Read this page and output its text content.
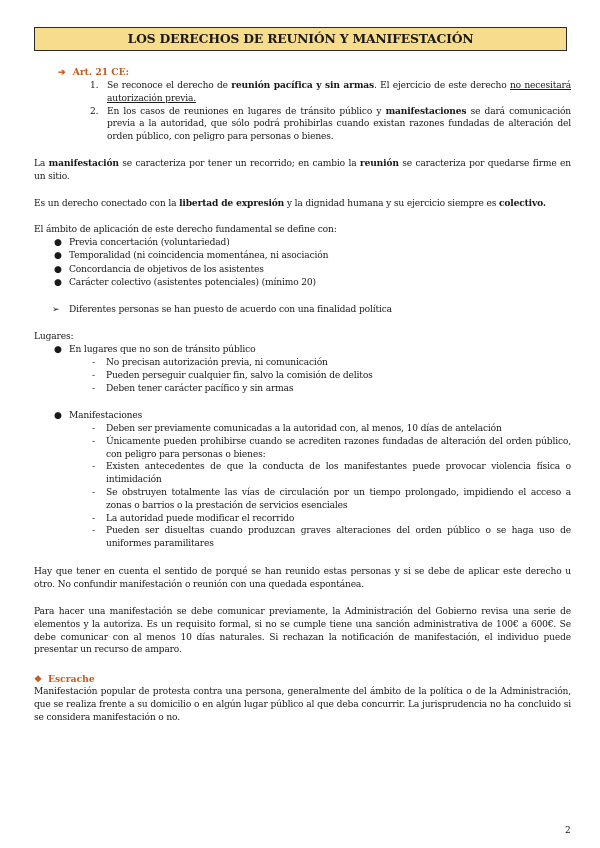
LOS DERECHOS DE REUNIÓN Y MANIFESTACIÓN
➔ Art. 21 CE:
1. Se reconoce el derecho de reunión pacífica y sin armas. El ejercicio de este derecho no necesitará autorización previa.
2. En los casos de reuniones en lugares de tránsito público y manifestaciones se dará comunicación previa a la autoridad, que sólo podrá prohibirlas cuando existan razones fundadas de alteración del orden público, con peligro para personas o bienes.
La manifestación se caracteriza por tener un recorrido; en cambio la reunión se caracteriza por quedarse firme en un sitio.
Es un derecho conectado con la libertad de expresión y la dignidad humana y su ejercicio siempre es colectivo.
El ámbito de aplicación de este derecho fundamental se define con:
● Previa concertación (voluntariedad)
● Temporalidad (ni coincidencia momentánea, ni asociación
● Concordancia de objetivos de los asistentes
● Carácter colectivo (asistentes potenciales) (mínimo 20)
➢ Diferentes personas se han puesto de acuerdo con una finalidad política
Lugares:
● En lugares que no son de tránsito público
- No precisan autorización previa, ni comunicación
- Pueden perseguir cualquier fin, salvo la comisión de delitos
- Deben tener carácter pacífico y sin armas
● Manifestaciones
- Deben ser previamente comunicadas a la autoridad con, al menos, 10 días de antelación
- Únicamente pueden prohibirse cuando se acrediten razones fundadas de alteración del orden público, con peligro para personas o bienes:
- Existen antecedentes de que la conducta de los manifestantes puede provocar violencia física o intimidación
- Se obstruyen totalmente las vías de circulación por un tiempo prolongado, impidiendo el acceso a zonas o barrios o la prestación de servicios esenciales
- La autoridad puede modificar el recorrido
- Pueden ser disueltas cuando produzcan graves alteraciones del orden público o se haga uso de uniformes paramilitares
Hay que tener en cuenta el sentido de porqué se han reunido estas personas y si se debe de aplicar este derecho u otro. No confundir manifestación o reunión con una quedada espontánea.
Para hacer una manifestación se debe comunicar previamente, la Administración del Gobierno revisa una serie de elementos y la autoriza. Es un requisito formal, si no se cumple tiene una sanción administrativa de 100€ a 600€. Se debe comunicar con al menos 10 días naturales. Si rechazan la notificación de manifestación, el individuo puede presentar un recurso de amparo.
❖ Escrache
Manifestación popular de protesta contra una persona, generalmente del ámbito de la política o de la Administración, que se realiza frente a su domicilio o en algún lugar público al que deba concurrir. La jurisprudencia no ha concluido si se considera manifestación o no.
2
